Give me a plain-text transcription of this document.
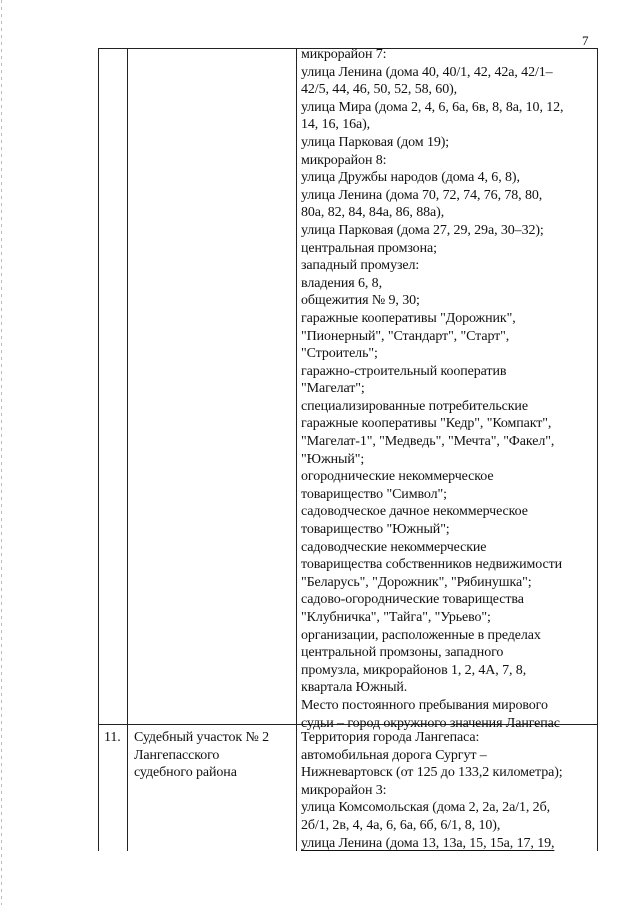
7
микрорайон 7:
улица Ленина (дома 40, 40/1, 42, 42а, 42/1–
42/5, 44, 46, 50, 52, 58, 60),
улица Мира (дома 2, 4, 6, 6а, 6в, 8, 8а, 10, 12,
14, 16, 16а),
улица Парковая (дом 19);
микрорайон 8:
улица Дружбы народов (дома 4, 6, 8),
улица Ленина (дома 70, 72, 74, 76, 78, 80,
80а, 82, 84, 84а, 86, 88а),
улица Парковая (дома 27, 29, 29а, 30–32);
центральная промзона;
западный промузел:
владения 6, 8,
общежития № 9, 30;
гаражные кооперативы "Дорожник",
"Пионерный", "Стандарт", "Старт",
"Строитель";
гаражно-строительный кооператив
"Магелат";
специализированные потребительские
гаражные кооперативы "Кедр", "Компакт",
"Магелат-1", "Медведь", "Мечта", "Факел",
"Южный";
огороднические некоммерческое
товарищество "Символ";
садоводческое дачное некоммерческое
товарищество "Южный";
садоводческие некоммерческие
товарищества собственников недвижимости
"Беларусь", "Дорожник", "Рябинушка";
садово-огороднические товарищества
"Клубничка", "Тайга", "Урьево";
организации, расположенные в пределах
центральной промзоны, западного
промузла, микрорайонов 1, 2, 4А, 7, 8,
квартала Южный.
Место постоянного пребывания мирового
судьи – город окружного значения Лангепас
11. Судебный участок № 2
Лангепасского
судебного района
Территория города Лангепаса:
автомобильная дорога Сургут –
Нижневартовск (от 125 до 133,2 километра);
микрорайон 3:
улица Комсомольская (дома 2, 2а, 2а/1, 2б,
2б/1, 2в, 4, 4а, 6, 6а, 6б, 6/1, 8, 10),
улица Ленина (дома 13, 13а, 15, 15а, 17, 19,
